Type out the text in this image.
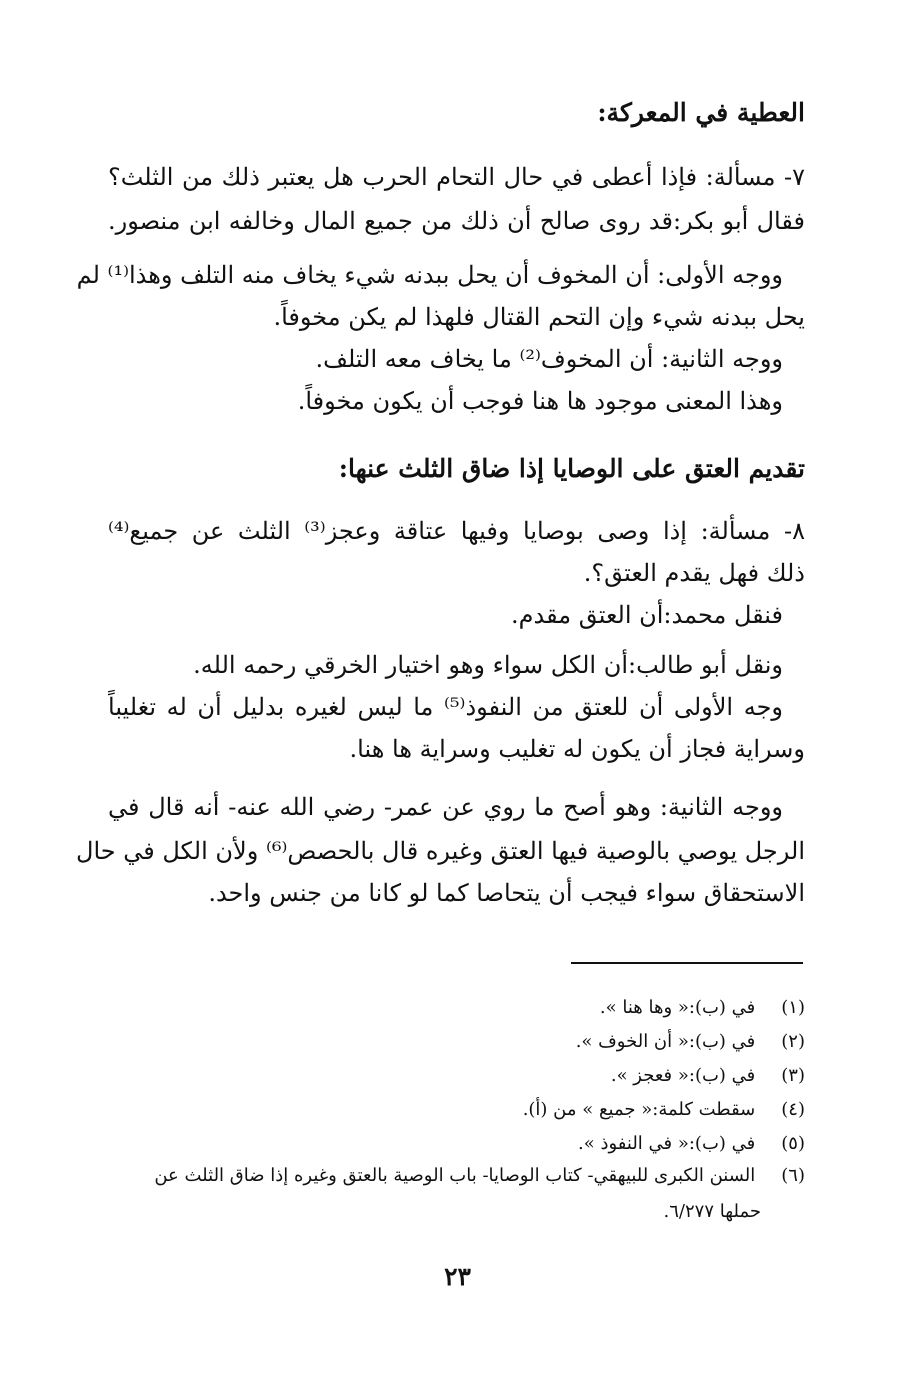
العطية في المعركة:
٧- مسألة: فإذا أعطى في حال التحام الحرب هل يعتبر ذلك من الثلث؟
فقال أبو بكر:قد روى صالح أن ذلك من جميع المال وخالفه ابن منصور.
ووجه الأولى: أن المخوف أن يحل ببدنه شيء يخاف منه التلف وهذا⁽¹⁾ لم
يحل ببدنه شيء وإن التحم القتال فلهذا لم يكن مخوفاً.
ووجه الثانية: أن المخوف⁽²⁾ ما يخاف معه التلف.
وهذا المعنى موجود ها هنا فوجب أن يكون مخوفاً.
تقديم العتق على الوصايا إذا ضاق الثلث عنها:
٨- مسألة: إذا وصى بوصايا وفيها عتاقة وعجز⁽³⁾ الثلث عن جميع⁽⁴⁾
ذلك فهل يقدم العتق؟.
فنقل محمد:أن العتق مقدم.
ونقل أبو طالب:أن الكل سواء وهو اختيار الخرقي رحمه الله.
وجه الأولى أن للعتق من النفوذ⁽⁵⁾ ما ليس لغيره بدليل أن له تغليباً
وسراية فجاز أن يكون له تغليب وسراية ها هنا.
ووجه الثانية: وهو أصح ما روي عن عمر- رضي الله عنه- أنه قال في
الرجل يوصي بالوصية فيها العتق وغيره قال بالحصص⁽⁶⁾ ولأن الكل في حال
الاستحقاق سواء فيجب أن يتحاصا كما لو كانا من جنس واحد.
(١) في (ب):« وها هنا ».
(٢) في (ب):« أن الخوف ».
(٣) في (ب):« فعجز ».
(٤) سقطت كلمة:« جميع » من (أ).
(٥) في (ب):« في النفوذ ».
(٦) السنن الكبرى للبيهقي- كتاب الوصايا- باب الوصية بالعتق وغيره إذا ضاق الثلث عن
حملها ٦/٢٧٧.
٢٣
